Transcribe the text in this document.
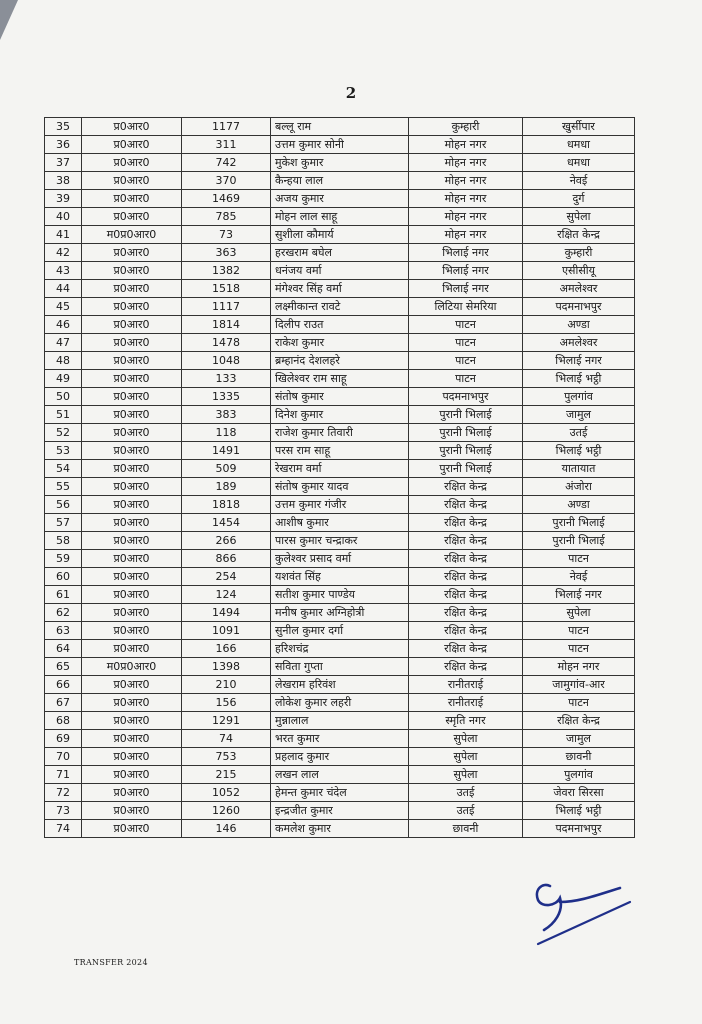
2
35	प्र0आर0	1177	बल्लू राम	कुम्हारी	खुर्सीपार
36	प्र0आर0	311	उत्तम कुमार सोनी	मोहन नगर	धमधा
37	प्र0आर0	742	मुकेश कुमार	मोहन नगर	धमधा
38	प्र0आर0	370	कैन्हया लाल	मोहन नगर	नेवई
39	प्र0आर0	1469	अजय कुमार	मोहन नगर	दुर्ग
40	प्र0आर0	785	मोहन लाल साहू	मोहन नगर	सुपेला
41	म0प्र0आर0	73	सुशीला कौमार्य	मोहन नगर	रक्षित केन्द्र
42	प्र0आर0	363	हरखराम बघेल	भिलाई नगर	कुम्हारी
43	प्र0आर0	1382	धनंजय वर्मा	भिलाई नगर	एसीसीयू
44	प्र0आर0	1518	मंगेश्वर सिंह वर्मा	भिलाई नगर	अमलेश्वर
45	प्र0आर0	1117	लक्ष्मीकान्त रावटे	लिटिया सेमरिया	पदमनाभपुर
46	प्र0आर0	1814	दिलीप राउत	पाटन	अण्डा
47	प्र0आर0	1478	राकेश कुमार	पाटन	अमलेश्वर
48	प्र0आर0	1048	ब्रम्हानंद देशलहरे	पाटन	भिलाई नगर
49	प्र0आर0	133	खिलेश्वर राम साहू	पाटन	भिलाई भट्ठी
50	प्र0आर0	1335	संतोष कुमार	पदमनाभपुर	पुलगांव
51	प्र0आर0	383	दिनेश कुमार	पुरानी भिलाई	जामुल
52	प्र0आर0	118	राजेश कुमार तिवारी	पुरानी भिलाई	उतई
53	प्र0आर0	1491	परस राम साहू	पुरानी भिलाई	भिलाई भट्ठी
54	प्र0आर0	509	रेखराम वर्मा	पुरानी भिलाई	यातायात
55	प्र0आर0	189	संतोष कुमार यादव	रक्षित केन्द्र	अंजोरा
56	प्र0आर0	1818	उत्तम कुमार गंजीर	रक्षित केन्द्र	अण्डा
57	प्र0आर0	1454	आशीष कुमार	रक्षित केन्द्र	पुरानी भिलाई
58	प्र0आर0	266	पारस कुमार चन्द्राकर	रक्षित केन्द्र	पुरानी भिलाई
59	प्र0आर0	866	कुलेश्वर प्रसाद वर्मा	रक्षित केन्द्र	पाटन
60	प्र0आर0	254	यशवंत सिंह	रक्षित केन्द्र	नेवई
61	प्र0आर0	124	सतीश कुमार पाण्डेय	रक्षित केन्द्र	भिलाई नगर
62	प्र0आर0	1494	मनीष कुमार अग्निहोत्री	रक्षित केन्द्र	सुपेला
63	प्र0आर0	1091	सुनील कुमार दर्गा	रक्षित केन्द्र	पाटन
64	प्र0आर0	166	हरिशचंद्र	रक्षित केन्द्र	पाटन
65	म0प्र0आर0	1398	सविता गुप्ता	रक्षित केन्द्र	मोहन नगर
66	प्र0आर0	210	लेखराम हरिवंश	रानीतराई	जामुगांव-आर
67	प्र0आर0	156	लोकेश कुमार लहरी	रानीतराई	पाटन
68	प्र0आर0	1291	मुन्नालाल	स्मृति नगर	रक्षित केन्द्र
69	प्र0आर0	74	भरत कुमार	सुपेला	जामुल
70	प्र0आर0	753	प्रहलाद कुमार	सुपेला	छावनी
71	प्र0आर0	215	लखन लाल	सुपेला	पुलगांव
72	प्र0आर0	1052	हेमन्त कुमार चंदेल	उतई	जेवरा सिरसा
73	प्र0आर0	1260	इन्द्रजीत कुमार	उतई	भिलाई भट्ठी
74	प्र0आर0	146	कमलेश कुमार	छावनी	पदमनाभपुर
TRANSFER 2024
